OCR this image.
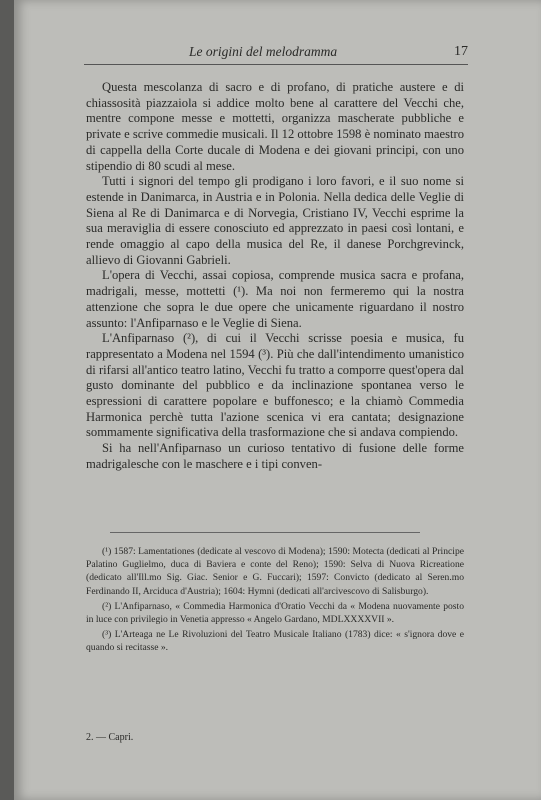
Le origini del melodramma	17

Questa mescolanza di sacro e di profano, di pratiche austere e di chiassosità piazzaiola si addice molto bene al carattere del Vecchi che, mentre compone messe e mottetti, organizza mascherate pubbliche e private e scrive commedie musicali. Il 12 ottobre 1598 è nominato maestro di cappella della Corte ducale di Modena e dei giovani principi, con uno stipendio di 80 scudi al mese.

Tutti i signori del tempo gli prodigano i loro favori, e il suo nome si estende in Danimarca, in Austria e in Polonia. Nella dedica delle Veglie di Siena al Re di Danimarca e di Norvegia, Cristiano IV, Vecchi esprime la sua meraviglia di essere conosciuto ed apprezzato in paesi così lontani, e rende omaggio al capo della musica del Re, il danese Porchgrevinck, allievo di Giovanni Gabrieli.

L'opera di Vecchi, assai copiosa, comprende musica sacra e profana, madrigali, messe, mottetti (¹). Ma noi non fermeremo qui la nostra attenzione che sopra le due opere che unicamente riguardano il nostro assunto: l'Anfiparnaso e le Veglie di Siena.

L'Anfiparnaso (²), di cui il Vecchi scrisse poesia e musica, fu rappresentato a Modena nel 1594 (³). Più che dall'intendimento umanistico di rifarsi all'antico teatro latino, Vecchi fu tratto a comporre quest'opera dal gusto dominante del pubblico e da inclinazione spontanea verso le espressioni di carattere popolare e buffonesco; e la chiamò Commedia Harmonica perchè tutta l'azione scenica vi era cantata; designazione sommamente significativa della trasformazione che si andava compiendo.

Si ha nell'Anfiparnaso un curioso tentativo di fusione delle forme madrigalesche con le maschere e i tipi conven-

(¹) 1587: Lamentationes (dedicate al vescovo di Modena); 1590: Motecta (dedicati al Principe Palatino Guglielmo, duca di Baviera e conte del Reno); 1590: Selva di Nuova Ricreatione (dedicato all'Ill.mo Sig. Giac. Senior e G. Fuccari); 1597: Convicto (dedicato al Seren.mo Ferdinando II, Arciduca d'Austria); 1604: Hymni (dedicati all'arcivescovo di Salisburgo).

(²) L'Anfiparnaso, « Commedia Harmonica d'Oratio Vecchi da « Modena nuovamente posto in luce con privilegio in Venetia appresso « Angelo Gardano, MDLXXXXVII ».

(³) L'Arteaga ne Le Rivoluzioni del Teatro Musicale Italiano (1783) dice: « s'ignora dove e quando si recitasse ».

2. — Capri.
